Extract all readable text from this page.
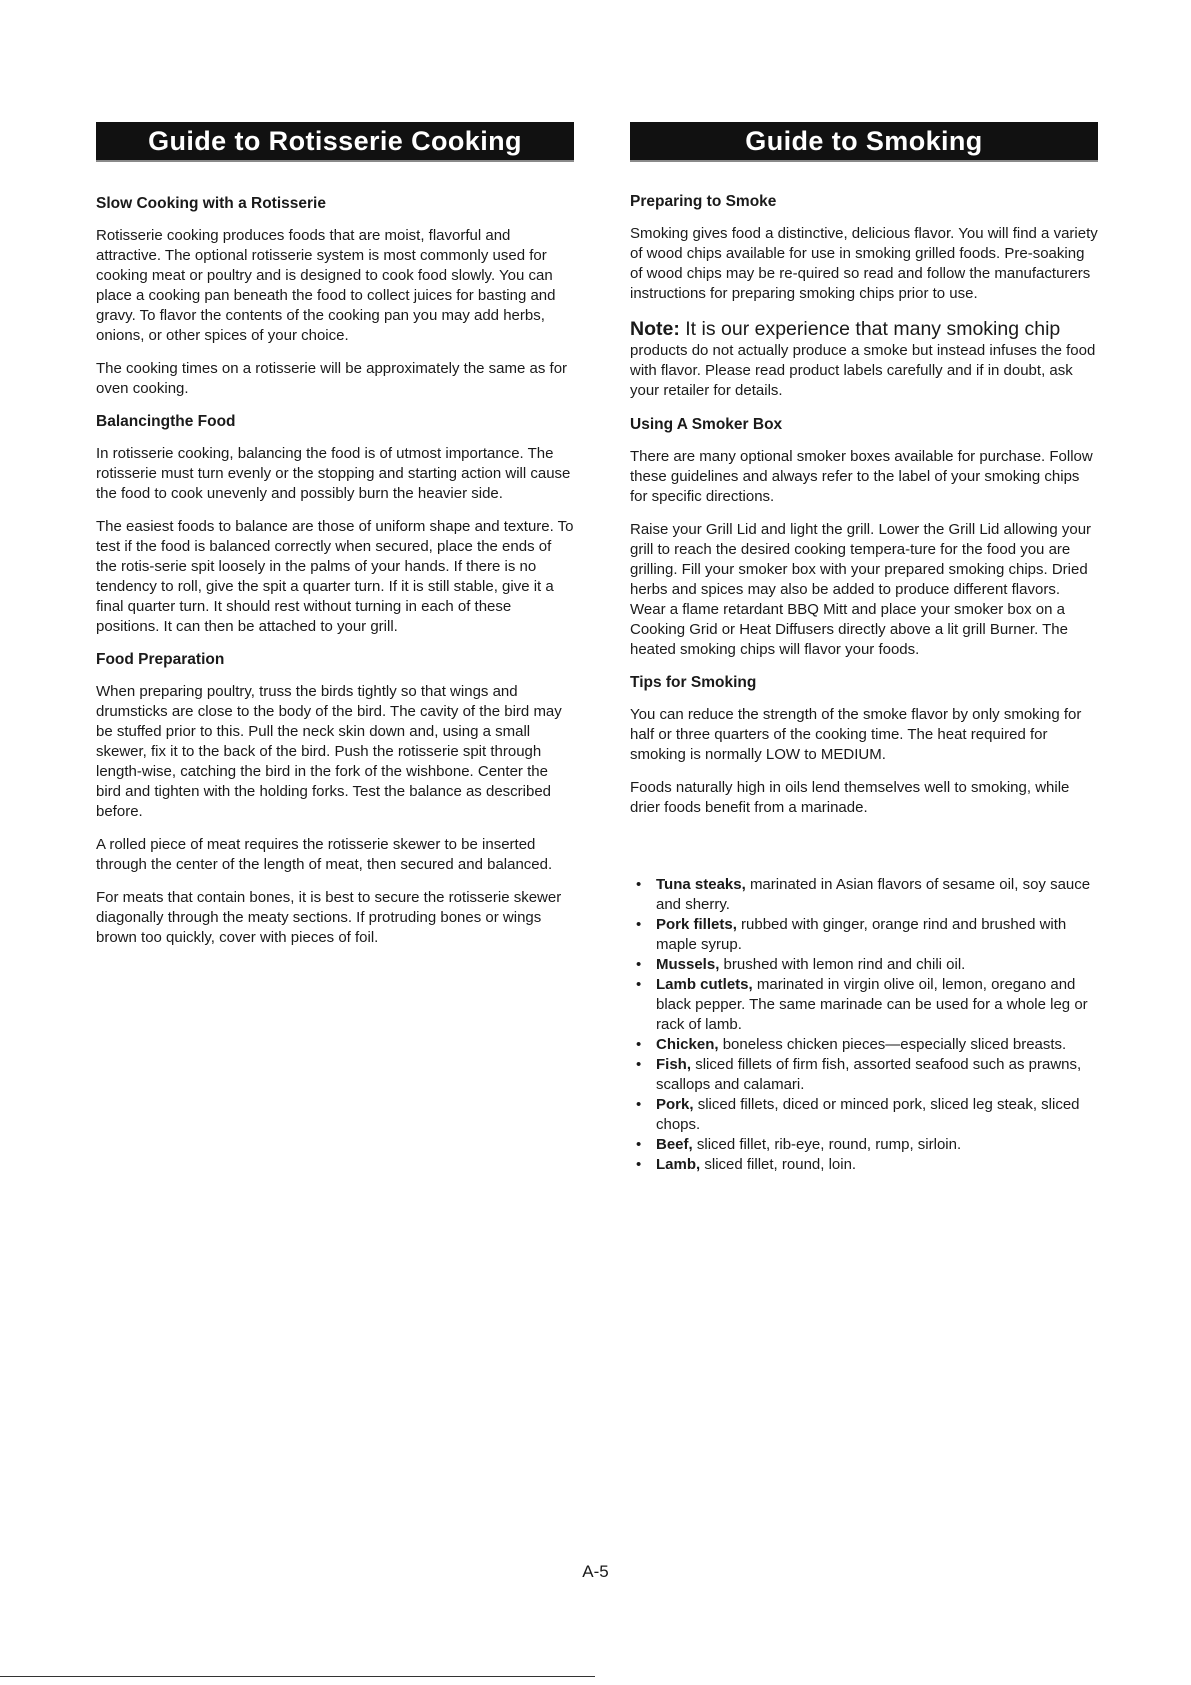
Guide to Rotisserie Cooking
Slow Cooking with a Rotisserie

Rotisserie cooking produces foods that are moist, flavorful and attractive. The optional rotisserie system is most commonly used for cooking meat or poultry and is designed to cook food slowly. You can place a cooking pan beneath the food to collect juices for basting and gravy. To flavor the contents of the cooking pan you may add herbs, onions, or other spices of your choice.

The cooking times on a rotisserie will be approximately the same as for oven cooking.

Balancingthe Food

In rotisserie cooking, balancing the food is of utmost importance. The rotisserie must turn evenly or the stopping and starting action will cause the food to cook unevenly and possibly burn the heavier side.

The easiest foods to balance are those of uniform shape and texture. To test if the food is balanced correctly when secured, place the ends of the rotis-serie spit loosely in the palms of your hands. If there is no tendency to roll, give the spit a quarter turn. If it is still stable, give it a final quarter turn. It should rest without turning in each of these positions. It can then be attached to your grill.

Food Preparation

When preparing poultry, truss the birds tightly so that wings and drumsticks are close to the body of the bird. The cavity of the bird may be stuffed prior to this. Pull the neck skin down and, using a small skewer, fix it to the back of the bird. Push the rotisserie spit through length-wise, catching the bird in the fork of the wishbone. Center the bird and tighten with the holding forks. Test the balance as described before.

A rolled piece of meat requires the rotisserie skewer to be inserted through the center of the length of meat, then secured and balanced.

For meats that contain bones, it is best to secure the rotisserie skewer diagonally through the meaty sections. If protruding bones or wings brown too quickly, cover with pieces of foil.

Guide to Smoking
Preparing to Smoke

Smoking gives food a distinctive, delicious flavor. You will find a variety of wood chips available for use in smoking grilled foods. Pre-soaking of wood chips may be re-quired so read and follow the manufacturers instructions for preparing smoking chips prior to use.

Note: It is our experience that many smoking chip
products do not actually produce a smoke but instead infuses the food with flavor. Please read product labels carefully and if in doubt, ask your retailer for details.
Using A Smoker Box

There are many optional smoker boxes available for purchase. Follow these guidelines and always refer to the label of your smoking chips for specific directions.

Raise your Grill Lid and light the grill. Lower the Grill Lid allowing your grill to reach the desired cooking tempera-ture for the food you are grilling. Fill your smoker box with your prepared smoking chips. Dried herbs and spices may also be added to produce different flavors. Wear a flame retardant BBQ Mitt and place your smoker box on a Cooking Grid or Heat Diffusers directly above a lit grill Burner. The heated smoking chips will flavor your foods.

Tips for Smoking

You can reduce the strength of the smoke flavor by only smoking for half or three quarters of the cooking time. The heat required for smoking is normally LOW to MEDIUM.

Foods naturally high in oils lend themselves well to smoking, while drier foods benefit from a marinade.

• Tuna steaks, marinated in Asian flavors of sesame oil, soy sauce and sherry.
• Pork fillets, rubbed with ginger, orange rind and brushed with maple syrup.
• Mussels, brushed with lemon rind and chili oil.
• Lamb cutlets, marinated in virgin olive oil, lemon, oregano and black pepper. The same marinade can be used for a whole leg or rack of lamb.
• Chicken, boneless chicken pieces—especially sliced breasts.
• Fish, sliced fillets of firm fish, assorted seafood such as prawns, scallops and calamari.
• Pork, sliced fillets, diced or minced pork, sliced leg steak, sliced chops.
• Beef, sliced fillet, rib-eye, round, rump, sirloin.
• Lamb, sliced fillet, round, loin.
A-5
